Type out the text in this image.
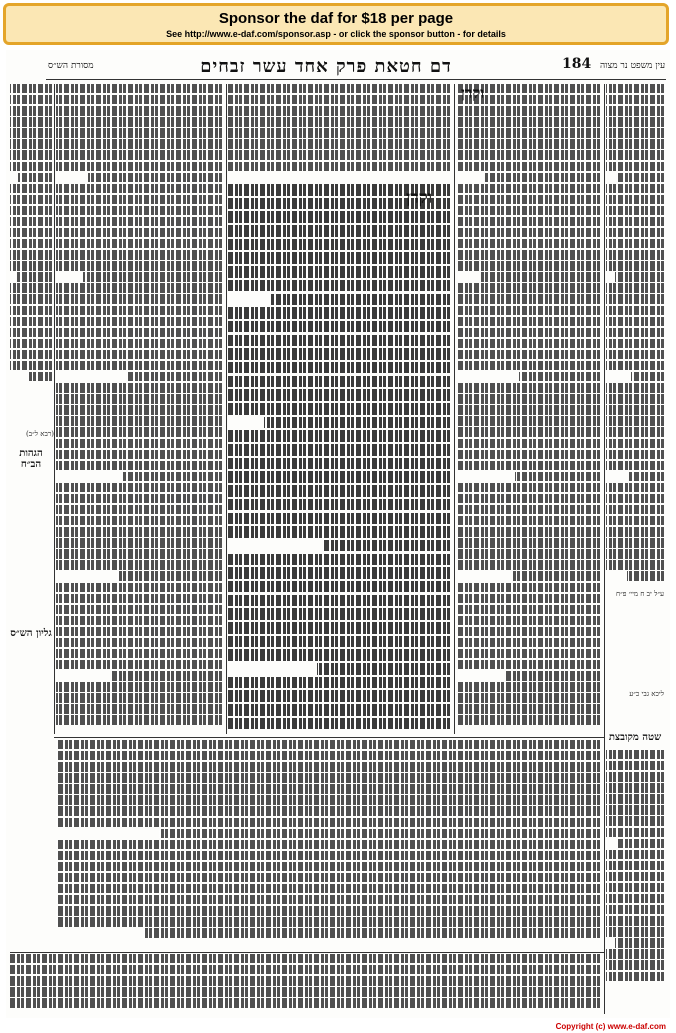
Sponsor the daf for $18 per page
See http://www.e-daf.com/sponsor.asp - or click the sponsor button - for details
דם חטאת פרק אחד עשר זבחים	184 עין משפט נר מצוה
מסורת הש״ס
וקרן
וקרן
הגהות הב״ח
גליון הש״ס
שטה מקובצת
(רבא ל״ב)
ע״ל יב ח מיי׳ פ״ח
ליכא גבי כ״ע
Copyright (c) www.e-daf.com
